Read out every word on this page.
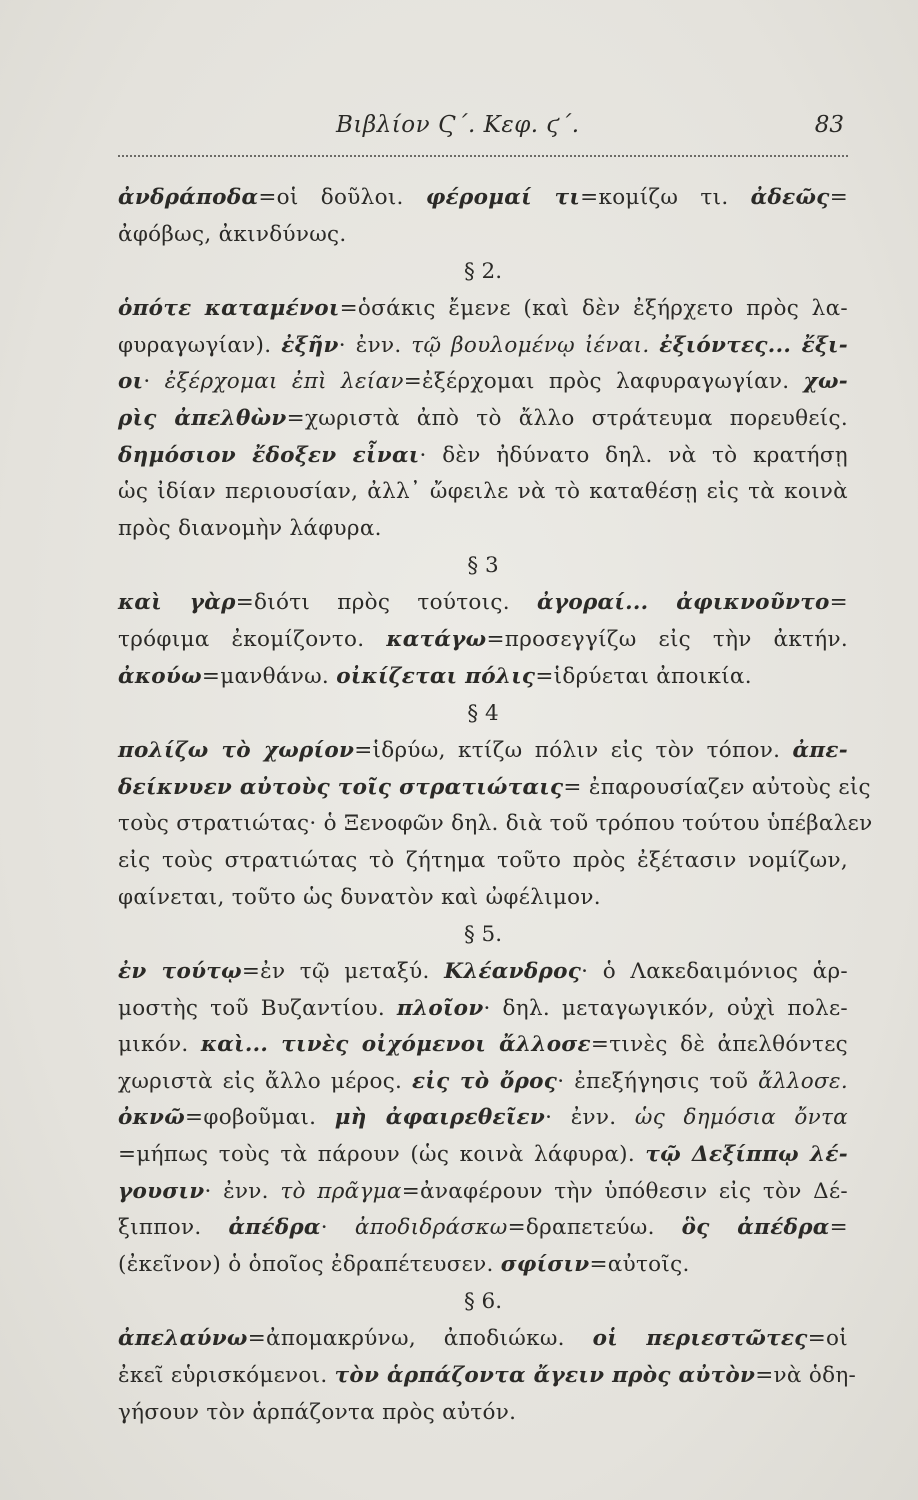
Βιβλίον Ϛ΄. Κεφ. ϛ΄.	83
ἀνδράποδα=οἱ δοῦλοι. φέρομαί τι=κομίζω τι. ἀδεῶς=
ἀφόβως, ἀκινδύνως.
§ 2.
ὁπότε καταμένοι=ὁσάκις ἔμενε (καὶ δὲν ἐξήρχετο πρὸς λα-
φυραγωγίαν). ἐξῆν· ἐνν. τῷ βουλομένῳ ἰέναι. ἐξιόντες... ἔξι-
οι· ἐξέρχομαι ἐπὶ λείαν=ἐξέρχομαι πρὸς λαφυραγωγίαν. χω-
ρὶς ἀπελθὼν=χωριστὰ ἀπὸ τὸ ἄλλο στράτευμα πορευθείς.
δημόσιον ἔδοξεν εἶναι· δὲν ἠδύνατο δηλ. νὰ τὸ κρατήσῃ
ὡς ἰδίαν περιουσίαν, ἀλλ᾽ ὤφειλε νὰ τὸ καταθέσῃ εἰς τὰ κοινὰ
πρὸς διανομὴν λάφυρα.
§ 3
καὶ γὰρ=διότι πρὸς τούτοις. ἀγοραί... ἀφικνοῦντο=
τρόφιμα ἐκομίζοντο. κατάγω=προσεγγίζω εἰς τὴν ἀκτήν.
ἀκούω=μανθάνω. οἰκίζεται πόλις=ἱδρύεται ἀποικία.
§ 4
πολίζω τὸ χωρίον=ἱδρύω, κτίζω πόλιν εἰς τὸν τόπον. ἀπε-
δείκνυεν αὐτοὺς τοῖς στρατιώταις= ἐπαρουσίαζεν αὐτοὺς εἰς
τοὺς στρατιώτας· ὁ Ξενοφῶν δηλ. διὰ τοῦ τρόπου τούτου ὑπέβαλεν
εἰς τοὺς στρατιώτας τὸ ζήτημα τοῦτο πρὸς ἐξέτασιν νομίζων,
φαίνεται, τοῦτο ὡς δυνατὸν καὶ ὠφέλιμον.
§ 5.
ἐν τούτῳ=ἐν τῷ μεταξύ. Κλέανδρος· ὁ Λακεδαιμόνιος ἁρ-
μοστὴς τοῦ Βυζαντίου. πλοῖον· δηλ. μεταγωγικόν, οὐχὶ πολε-
μικόν. καὶ... τινὲς οἰχόμενοι ἄλλοσε=τινὲς δὲ ἀπελθόντες
χωριστὰ εἰς ἄλλο μέρος. εἰς τὸ ὄρος· ἐπεξήγησις τοῦ ἄλλοσε.
ὀκνῶ=φοβοῦμαι. μὴ ἀφαιρεθεῖεν· ἐνν. ὡς δημόσια ὄντα
=μήπως τοὺς τὰ πάρουν (ὡς κοινὰ λάφυρα). τῷ Δεξίππῳ λέ-
γουσιν· ἐνν. τὸ πρᾶγμα=ἀναφέρουν τὴν ὑπόθεσιν εἰς τὸν Δέ-
ξιππον. ἀπέδρα· ἀποδιδράσκω=δραπετεύω. ὃς ἀπέδρα=
(ἐκεῖνον) ὁ ὁποῖος ἐδραπέτευσεν. σφίσιν=αὐτοῖς.
§ 6.
ἀπελαύνω=ἀπομακρύνω, ἀποδιώκω. οἱ περιεστῶτες=οἱ
ἐκεῖ εὑρισκόμενοι. τὸν ἁρπάζοντα ἄγειν πρὸς αὐτὸν=νὰ ὁδη-
γήσουν τὸν ἁρπάζοντα πρὸς αὐτόν.
